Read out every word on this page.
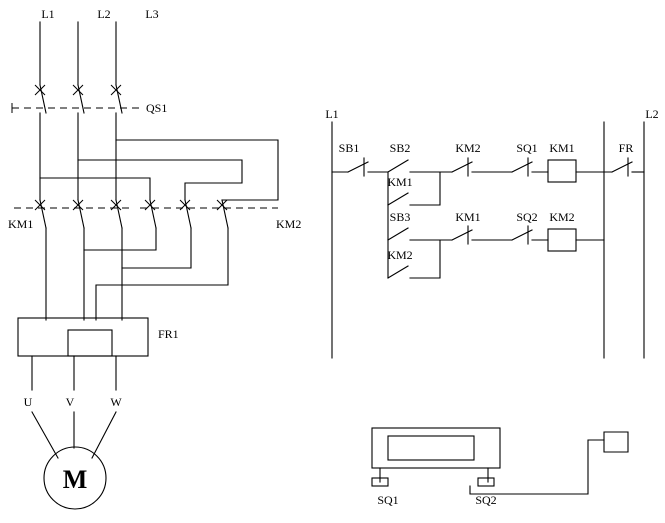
M
L1	L2	L3
QS1
KM1	KM2
FR1
U	V	W
L1	L2
SB1	SB2	KM2	SQ1 KM1	FR
KM1
SB3	KM1	SQ2 KM2
KM2
SQ1	SQ2
